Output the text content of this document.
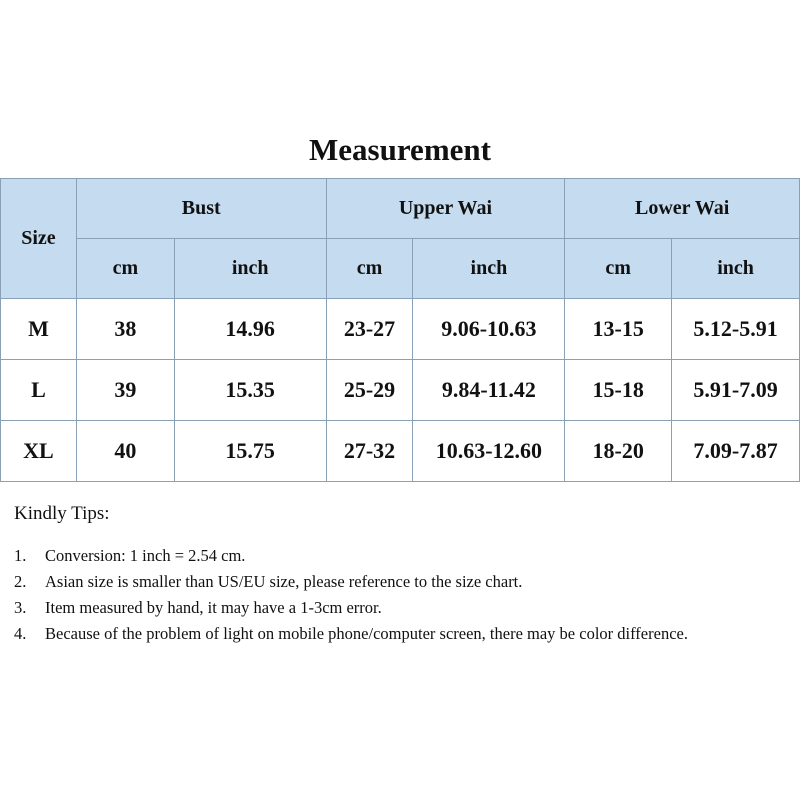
Measurement
Size	Bust		Upper Wai		Lower Wai	
	cm	inch	cm	inch	cm	inch
M	38	14.96	23-27	9.06-10.63	13-15	5.12-5.91
L	39	15.35	25-29	9.84-11.42	15-18	5.91-7.09
XL	40	15.75	27-32	10.63-12.60	18-20	7.09-7.87
Kindly Tips:
1. Conversion: 1 inch = 2.54 cm.
2. Asian size is smaller than US/EU size, please reference to the size chart.
3. Item measured by hand, it may have a 1-3cm error.
4. Because of the problem of light on mobile phone/computer screen, there may be color difference.
